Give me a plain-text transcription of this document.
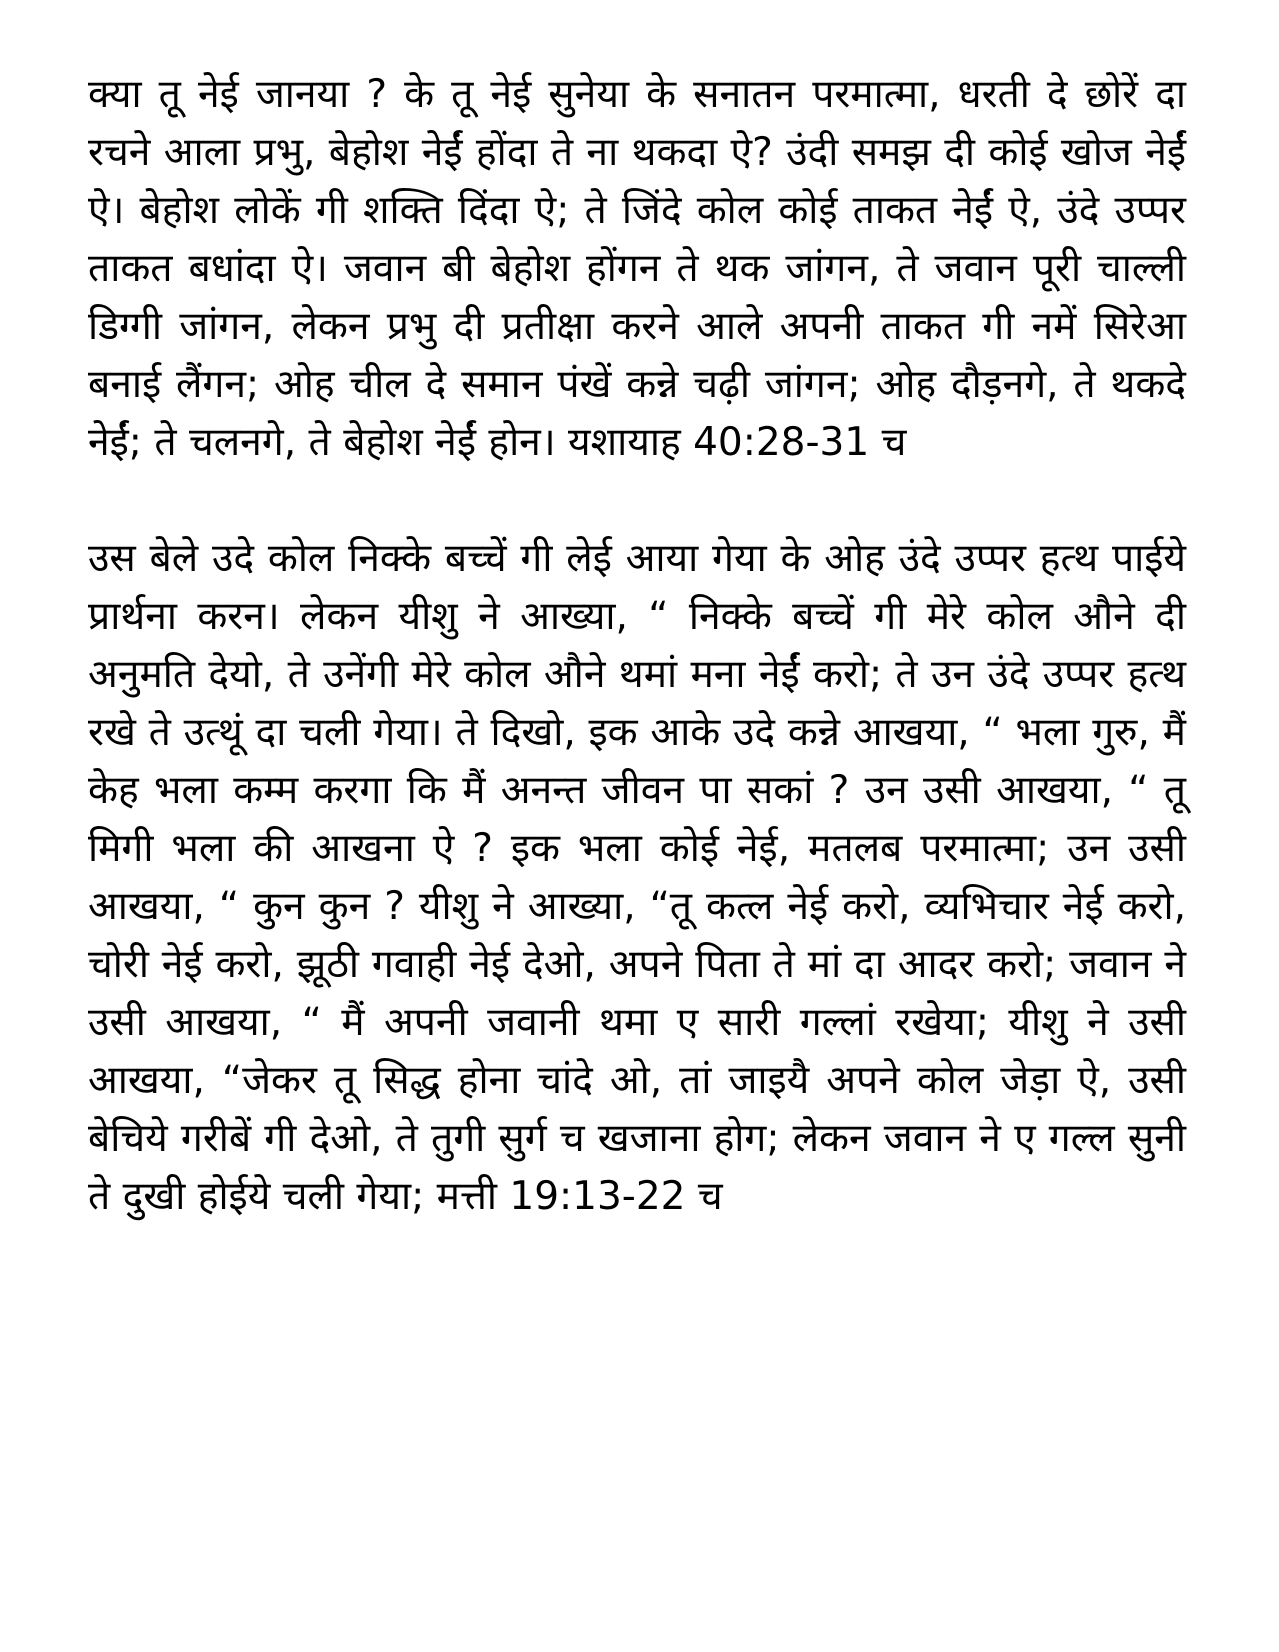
क्या तू नेई जानया ? के तू नेई सुनेया के सनातन परमात्मा, धरती दे छोरें दा रचने आला प्रभु, बेहोश नेईं होंदा ते ना थकदा ऐ? उंदी समझ दी कोई खोज नेईं ऐ। बेहोश लोकें गी शक्ति दिंदा ऐ; ते जिंदे कोल कोई ताकत नेईं ऐ, उंदे उप्पर ताकत बधांदा ऐ। जवान बी बेहोश होंगन ते थक जांगन, ते जवान पूरी चाल्ली डिग्गी जांगन, लेकन प्रभु दी प्रतीक्षा करने आले अपनी ताकत गी नमें सिरेआ बनाई लैंगन; ओह चील दे समान पंखें कन्ने चढ़ी जांगन; ओह दौड़नगे, ते थकदे नेईं; ते चलनगे, ते बेहोश नेईं होन। यशायाह 40:28-31 च

उस बेले उदे कोल निक्के बच्चें गी लेई आया गेया के ओह उंदे उप्पर हत्थ पाईये प्रार्थना करन। लेकन यीशु ने आख्या, “ निक्के बच्चें गी मेरे कोल औने दी अनुमति देयो, ते उनेंगी मेरे कोल औने थमां मना नेईं करो; ते उन उंदे उप्पर हत्थ रखे ते उत्थूं दा चली गेया। ते दिखो, इक आके उदे कन्ने आखया, “ भला गुरु, मैं केह भला कम्म करगा कि मैं अनन्त जीवन पा सकां ? उन उसी आखया, “ तू मिगी भला की आखना ऐ ? इक भला कोई नेई, मतलब परमात्मा; उन उसी आखया, “ कुन कुन ? यीशु ने आख्या, “तू कत्ल नेई करो, व्यभिचार नेई करो, चोरी नेई करो, झूठी गवाही नेई देओ, अपने पिता ते मां दा आदर करो; जवान ने उसी आखया, “ मैं अपनी जवानी थमा ए सारी गल्लां रखेया; यीशु ने उसी आखया, “जेकर तू सिद्ध होना चांदे ओ, तां जाइयै अपने कोल जेड़ा ऐ, उसी बेचिये गरीबें गी देओ, ते तुगी सुर्ग च खजाना होग; लेकन जवान ने ए गल्ल सुनी ते दुखी होईये चली गेया; मत्ती 19:13-22 च
